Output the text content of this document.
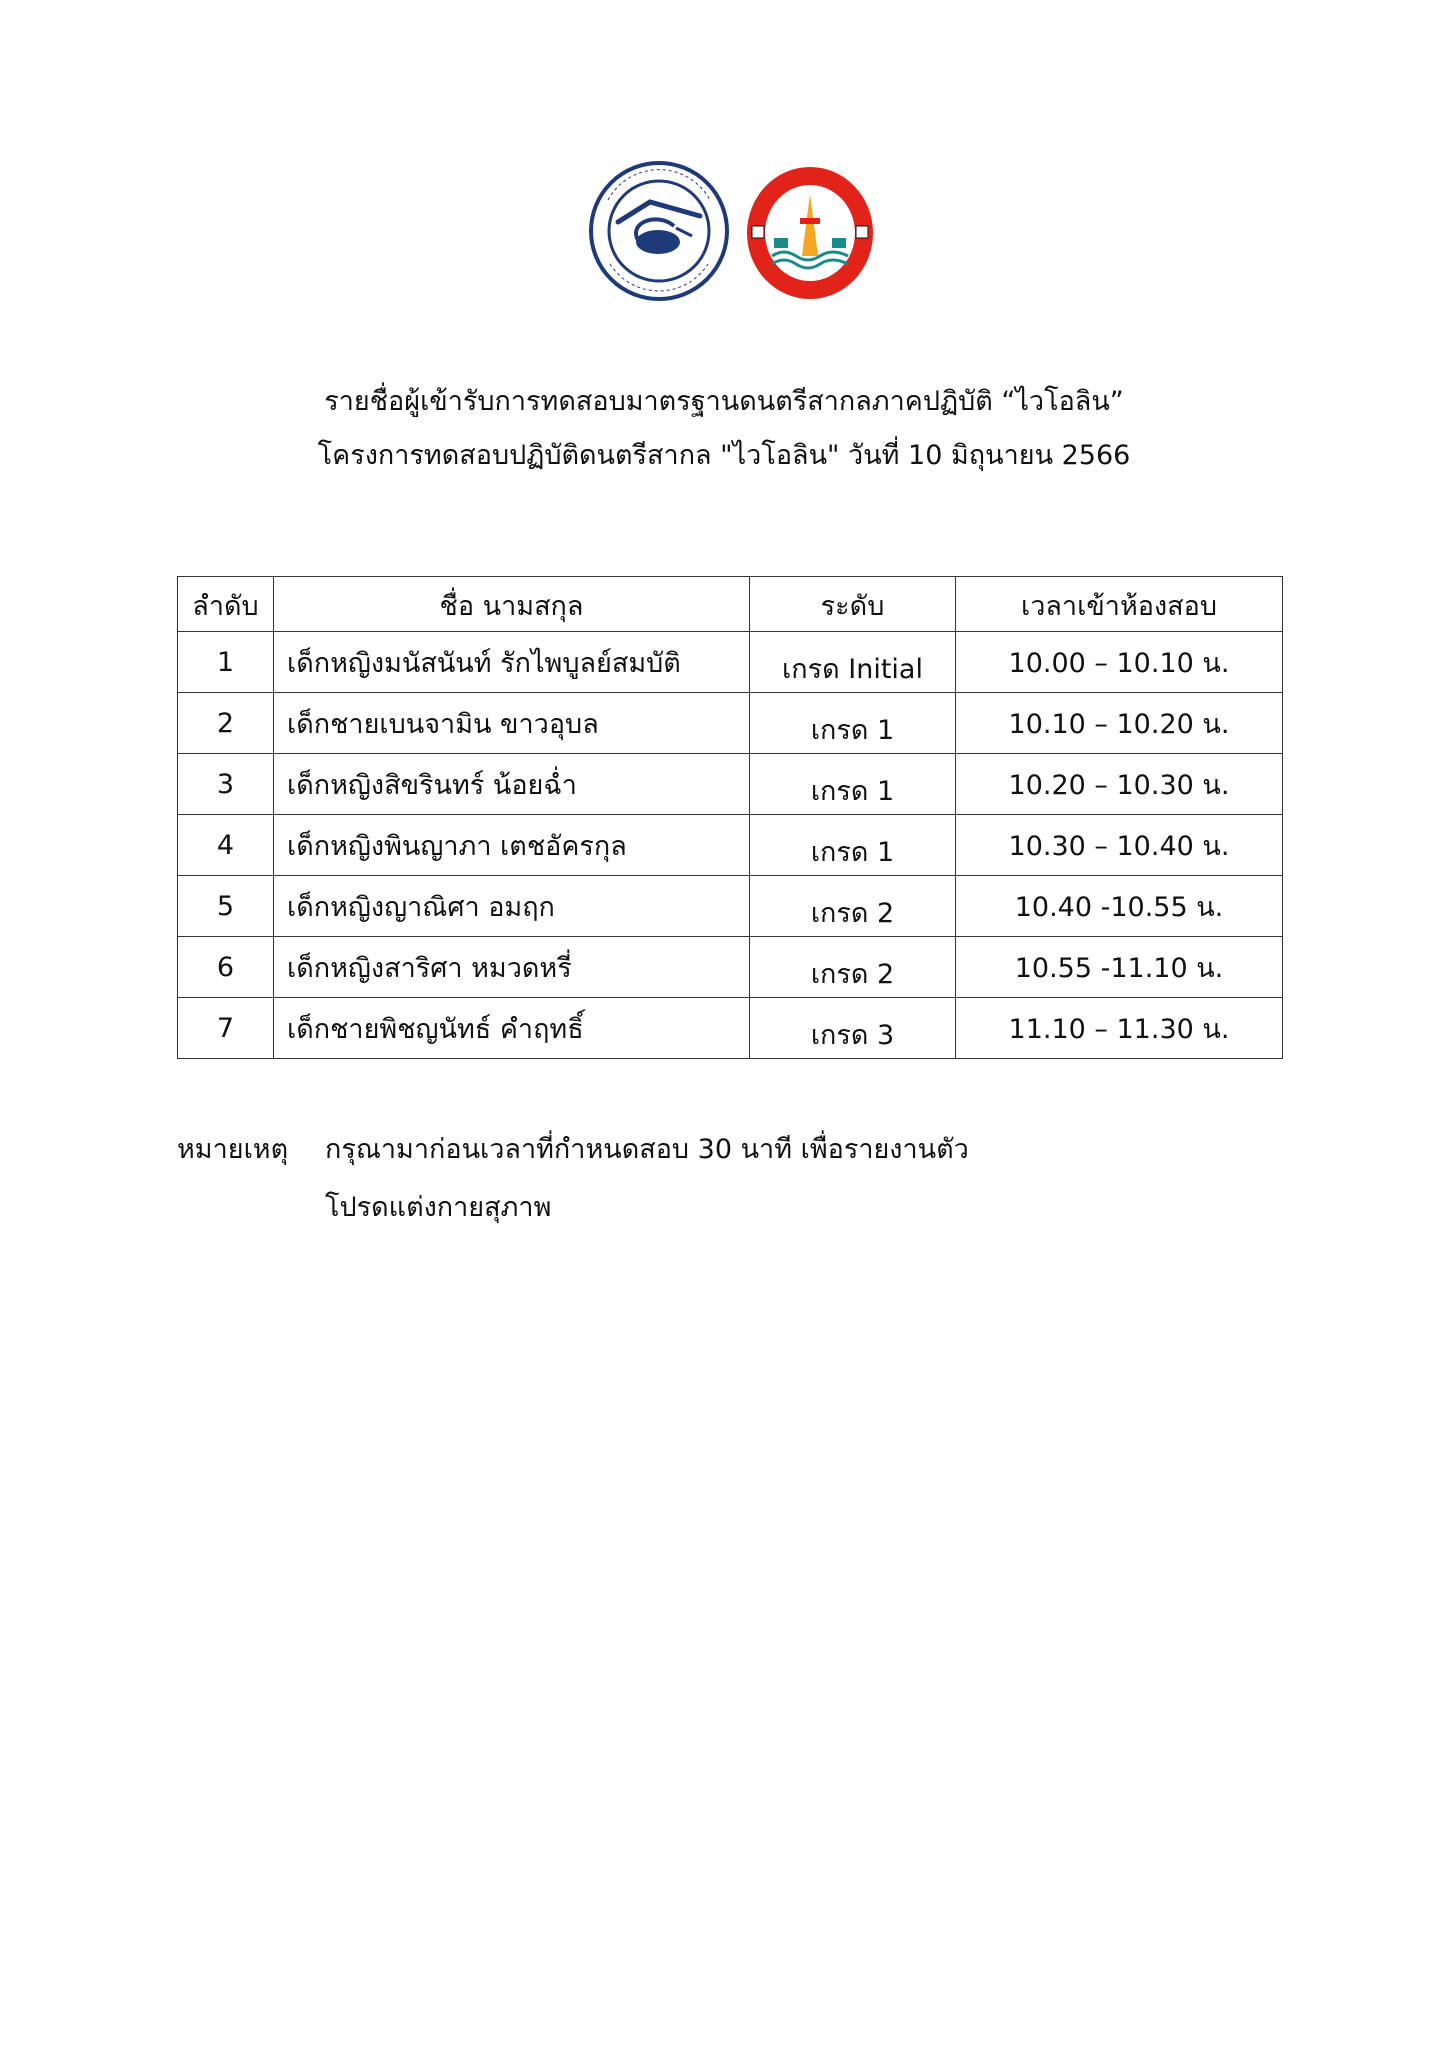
รายชื่อผู้เข้ารับการทดสอบมาตรฐานดนตรีสากลภาคปฏิบัติ “ไวโอลิน”
โครงการทดสอบปฏิบัติดนตรีสากล "ไวโอลิน" วันที่ 10 มิถุนายน 2566
ลำดับ	ชื่อ นามสกุล	ระดับ	เวลาเข้าห้องสอบ
1	เด็กหญิงมนัสนันท์ รักไพบูลย์สมบัติ	เกรด Initial	10.00 – 10.10 น.
2	เด็กชายเบนจามิน ขาวอุบล	เกรด 1	10.10 – 10.20 น.
3	เด็กหญิงสิขรินทร์ น้อยฉ่ำ	เกรด 1	10.20 – 10.30 น.
4	เด็กหญิงพินญาภา เตชอัครกุล	เกรด 1	10.30 – 10.40 น.
5	เด็กหญิงญาณิศา อมฤก	เกรด 2	10.40 -10.55 น.
6	เด็กหญิงสาริศา หมวดหรี่	เกรด 2	10.55 -11.10 น.
7	เด็กชายพิชญนัทธ์ คำฤทธิ์	เกรด 3	11.10 – 11.30 น.
หมายเหตุ กรุณามาก่อนเวลาที่กำหนดสอบ 30 นาที เพื่อรายงานตัว
โปรดแต่งกายสุภาพ
